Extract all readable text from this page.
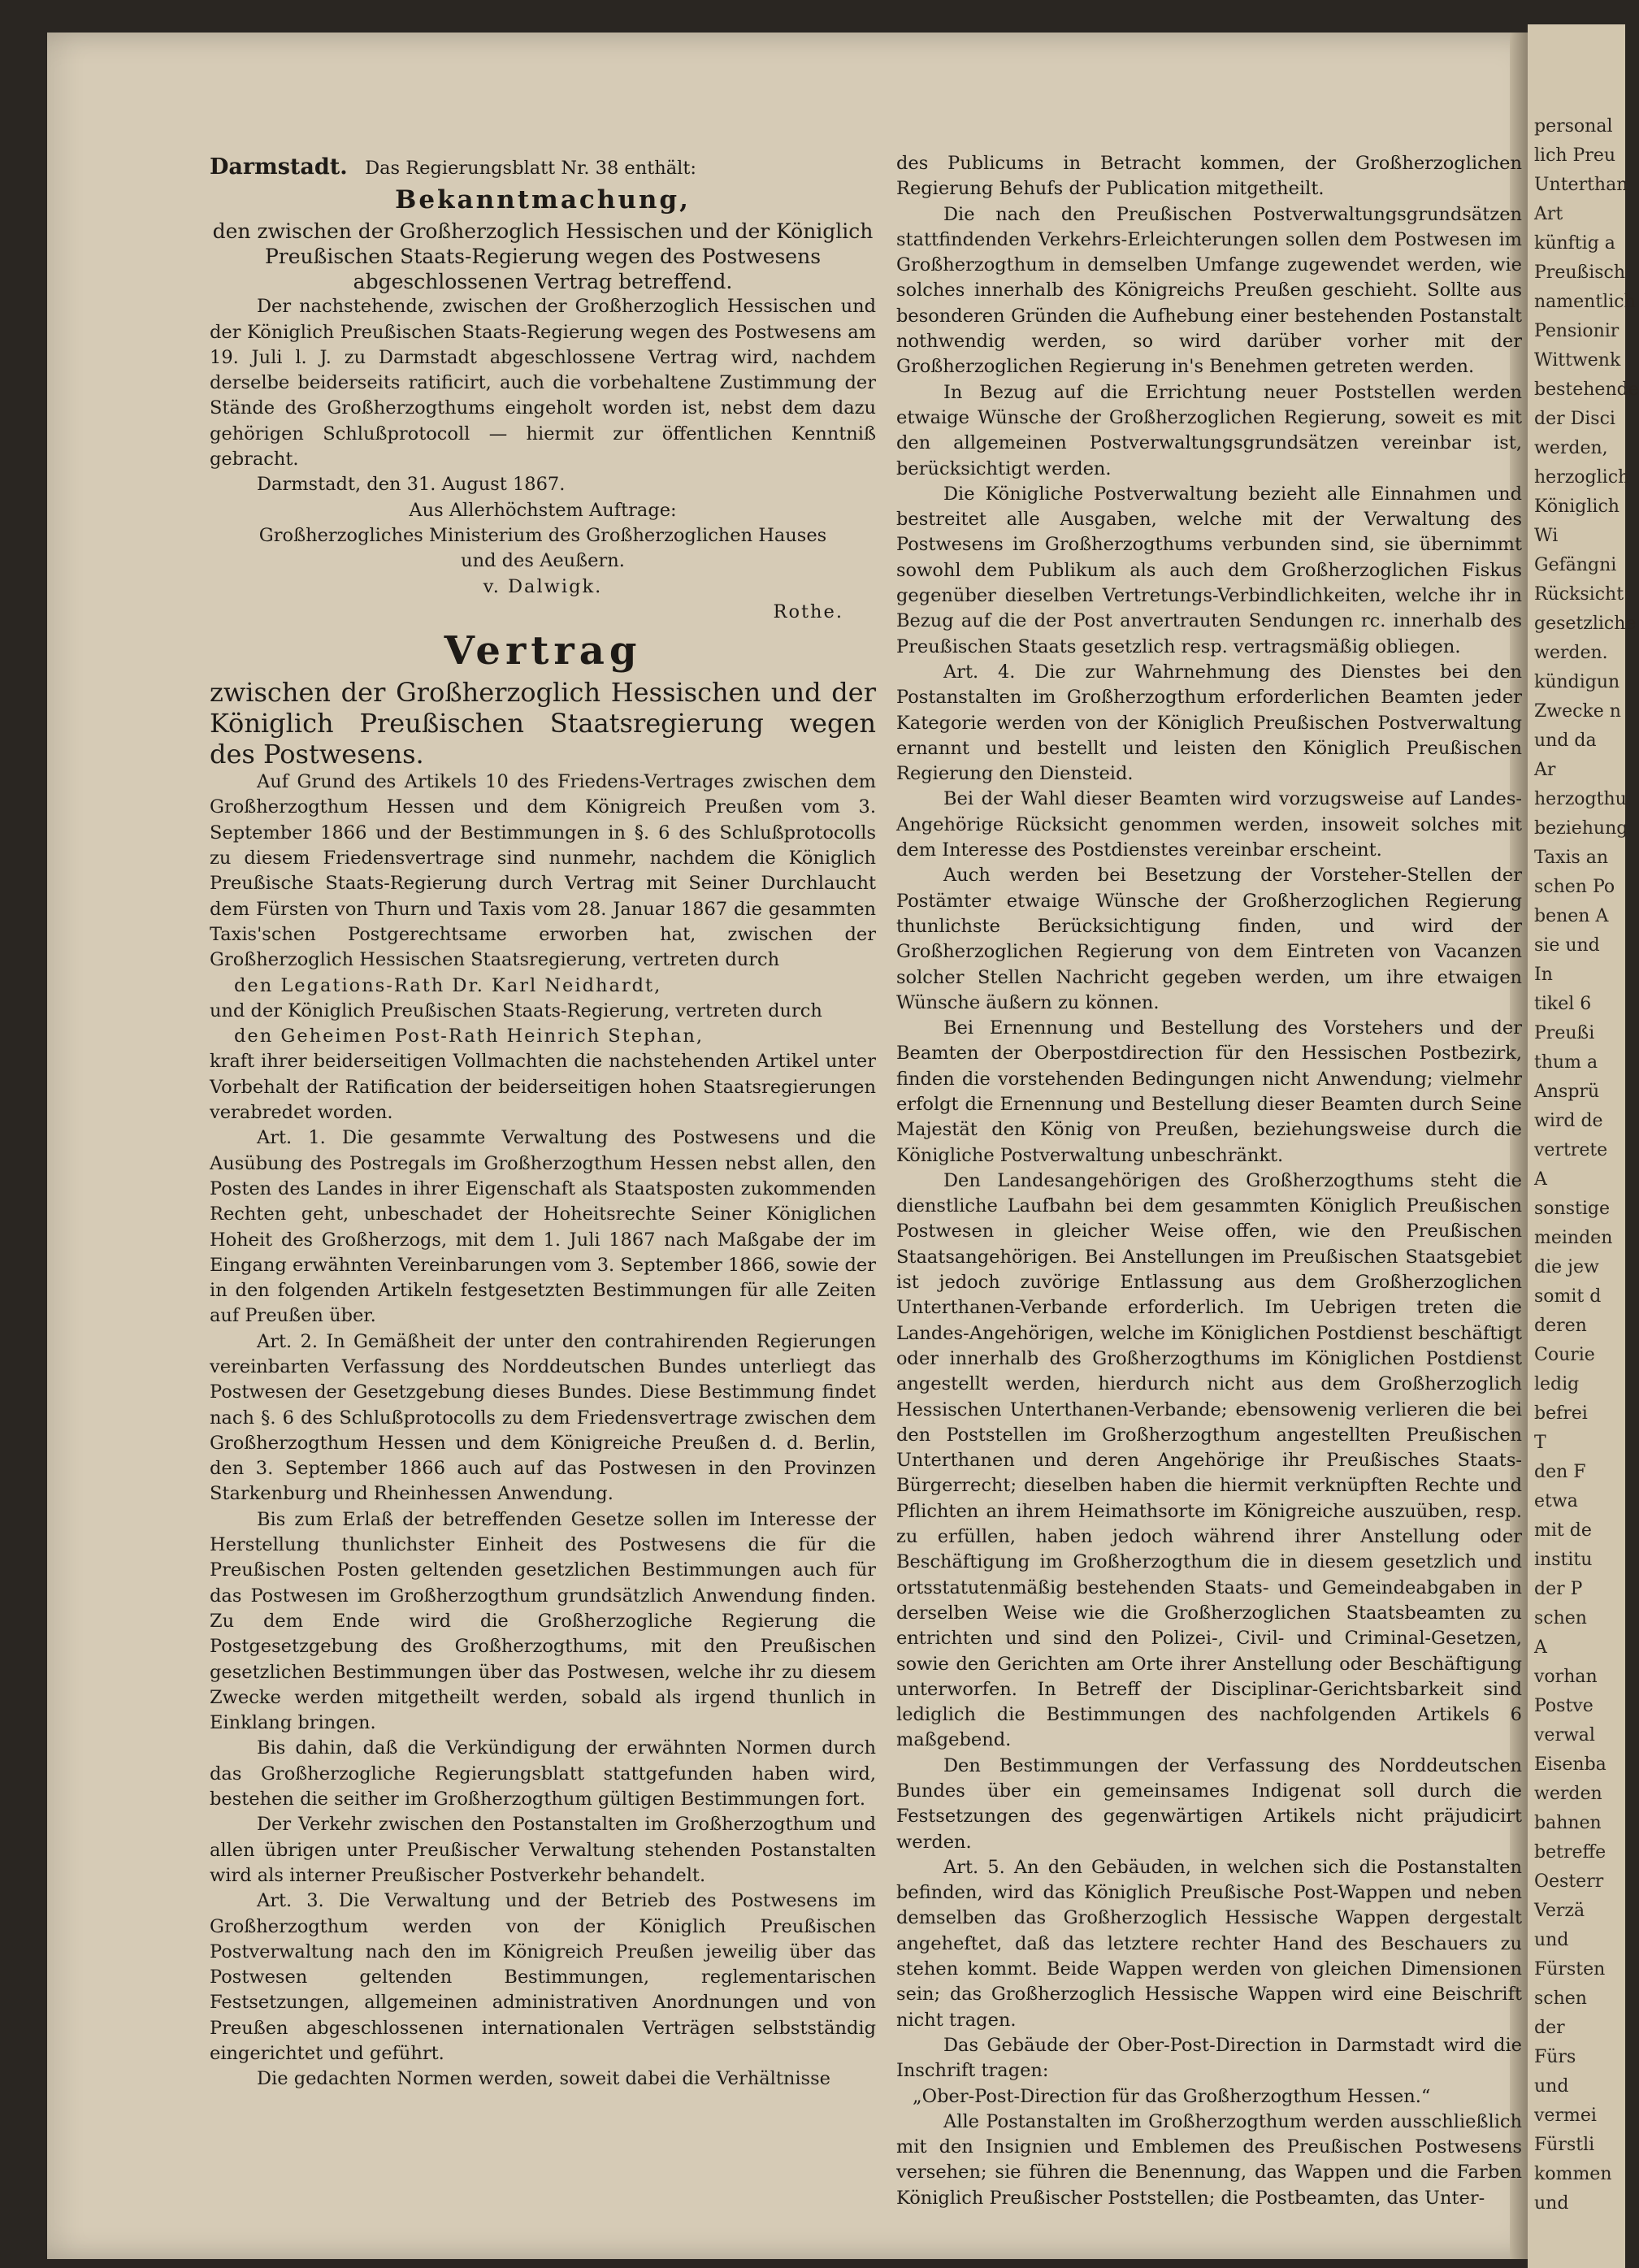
Darmstadt. Das Regierungsblatt Nr. 38 enthält:

Bekanntmachung,

den zwischen der Großherzoglich Hessischen und der Königlich Preußischen Staats-Regierung wegen des Postwesens abgeschlossenen Vertrag betreffend.

Der nachstehende, zwischen der Großherzoglich Hessischen und der Königlich Preußischen Staats-Regierung wegen des Postwesens am 19. Juli l. J. zu Darmstadt abgeschlossene Vertrag wird, nachdem derselbe beiderseits ratificirt, auch die vorbehaltene Zustimmung der Stände des Großherzogthums eingeholt worden ist, nebst dem dazu gehörigen Schlußprotocoll — hiermit zur öffentlichen Kenntniß gebracht.

Darmstadt, den 31. August 1867.

Aus Allerhöchstem Auftrage:

Großherzogliches Ministerium des Großherzoglichen Hauses

und des Aeußern.

v. Dalwigk.

Rothe.

Vertrag

zwischen der Großherzoglich Hessischen und der Königlich Preußischen Staatsregierung wegen des Postwesens.

Auf Grund des Artikels 10 des Friedens-Vertrages zwischen dem Großherzogthum Hessen und dem Königreich Preußen vom 3. September 1866 und der Bestimmungen in §. 6 des Schlußprotocolls zu diesem Friedensvertrage sind nunmehr, nachdem die Königlich Preußische Staats-Regierung durch Vertrag mit Seiner Durchlaucht dem Fürsten von Thurn und Taxis vom 28. Januar 1867 die gesammten Taxis'schen Postgerechtsame erworben hat, zwischen der Großherzoglich Hessischen Staatsregierung, vertreten durch

den Legations-Rath Dr. Karl Neidhardt,

und der Königlich Preußischen Staats-Regierung, vertreten durch

den Geheimen Post-Rath Heinrich Stephan,

kraft ihrer beiderseitigen Vollmachten die nachstehenden Artikel unter Vorbehalt der Ratification der beiderseitigen hohen Staatsregierungen verabredet worden.

Art. 1. Die gesammte Verwaltung des Postwesens und die Ausübung des Postregals im Großherzogthum Hessen nebst allen, den Posten des Landes in ihrer Eigenschaft als Staatsposten zukommenden Rechten geht, unbeschadet der Hoheitsrechte Seiner Königlichen Hoheit des Großherzogs, mit dem 1. Juli 1867 nach Maßgabe der im Eingang erwähnten Vereinbarungen vom 3. September 1866, sowie der in den folgenden Artikeln festgesetzten Bestimmungen für alle Zeiten auf Preußen über.

Art. 2. In Gemäßheit der unter den contrahirenden Regierungen vereinbarten Verfassung des Norddeutschen Bundes unterliegt das Postwesen der Gesetzgebung dieses Bundes. Diese Bestimmung findet nach §. 6 des Schlußprotocolls zu dem Friedensvertrage zwischen dem Großherzogthum Hessen und dem Königreiche Preußen d. d. Berlin, den 3. September 1866 auch auf das Postwesen in den Provinzen Starkenburg und Rheinhessen Anwendung.

Bis zum Erlaß der betreffenden Gesetze sollen im Interesse der Herstellung thunlichster Einheit des Postwesens die für die Preußischen Posten geltenden gesetzlichen Bestimmungen auch für das Postwesen im Großherzogthum grundsätzlich Anwendung finden. Zu dem Ende wird die Großherzogliche Regierung die Postgesetzgebung des Großherzogthums, mit den Preußischen gesetzlichen Bestimmungen über das Postwesen, welche ihr zu diesem Zwecke werden mitgetheilt werden, sobald als irgend thunlich in Einklang bringen.

Bis dahin, daß die Verkündigung der erwähnten Normen durch das Großherzogliche Regierungsblatt stattgefunden haben wird, bestehen die seither im Großherzogthum gültigen Bestimmungen fort.

Der Verkehr zwischen den Postanstalten im Großherzogthum und allen übrigen unter Preußischer Verwaltung stehenden Postanstalten wird als interner Preußischer Postverkehr behandelt.

Art. 3. Die Verwaltung und der Betrieb des Postwesens im Großherzogthum werden von der Königlich Preußischen Postverwaltung nach den im Königreich Preußen jeweilig über das Postwesen geltenden Bestimmungen, reglementarischen Festsetzungen, allgemeinen administrativen Anordnungen und von Preußen abgeschlossenen internationalen Verträgen selbstständig eingerichtet und geführt.

Die gedachten Normen werden, soweit dabei die Verhältnisse

des Publicums in Betracht kommen, der Großherzoglichen Regierung Behufs der Publication mitgetheilt.

Die nach den Preußischen Postverwaltungsgrundsätzen stattfindenden Verkehrs-Erleichterungen sollen dem Postwesen im Großherzogthum in demselben Umfange zugewendet werden, wie solches innerhalb des Königreichs Preußen geschieht. Sollte aus besonderen Gründen die Aufhebung einer bestehenden Postanstalt nothwendig werden, so wird darüber vorher mit der Großherzoglichen Regierung in's Benehmen getreten werden.

In Bezug auf die Errichtung neuer Poststellen werden etwaige Wünsche der Großherzoglichen Regierung, soweit es mit den allgemeinen Postverwaltungsgrundsätzen vereinbar ist, berücksichtigt werden.

Die Königliche Postverwaltung bezieht alle Einnahmen und bestreitet alle Ausgaben, welche mit der Verwaltung des Postwesens im Großherzogthums verbunden sind, sie übernimmt sowohl dem Publikum als auch dem Großherzoglichen Fiskus gegenüber dieselben Vertretungs-Verbindlichkeiten, welche ihr in Bezug auf die der Post anvertrauten Sendungen rc. innerhalb des Preußischen Staats gesetzlich resp. vertragsmäßig obliegen.

Art. 4. Die zur Wahrnehmung des Dienstes bei den Postanstalten im Großherzogthum erforderlichen Beamten jeder Kategorie werden von der Königlich Preußischen Postverwaltung ernannt und bestellt und leisten den Königlich Preußischen Regierung den Diensteid.

Bei der Wahl dieser Beamten wird vorzugsweise auf Landes-Angehörige Rücksicht genommen werden, insoweit solches mit dem Interesse des Postdienstes vereinbar erscheint.

Auch werden bei Besetzung der Vorsteher-Stellen der Postämter etwaige Wünsche der Großherzoglichen Regierung thunlichste Berücksichtigung finden, und wird der Großherzoglichen Regierung von dem Eintreten von Vacanzen solcher Stellen Nachricht gegeben werden, um ihre etwaigen Wünsche äußern zu können.

Bei Ernennung und Bestellung des Vorstehers und der Beamten der Oberpostdirection für den Hessischen Postbezirk, finden die vorstehenden Bedingungen nicht Anwendung; vielmehr erfolgt die Ernennung und Bestellung dieser Beamten durch Seine Majestät den König von Preußen, beziehungsweise durch die Königliche Postverwaltung unbeschränkt.

Den Landesangehörigen des Großherzogthums steht die dienstliche Laufbahn bei dem gesammten Königlich Preußischen Postwesen in gleicher Weise offen, wie den Preußischen Staatsangehörigen. Bei Anstellungen im Preußischen Staatsgebiet ist jedoch zuvörige Entlassung aus dem Großherzoglichen Unterthanen-Verbande erforderlich. Im Uebrigen treten die Landes-Angehörigen, welche im Königlichen Postdienst beschäftigt oder innerhalb des Großherzogthums im Königlichen Postdienst angestellt werden, hierdurch nicht aus dem Großherzoglich Hessischen Unterthanen-Verbande; ebensowenig verlieren die bei den Poststellen im Großherzogthum angestellten Preußischen Unterthanen und deren Angehörige ihr Preußisches Staats-Bürgerrecht; dieselben haben die hiermit verknüpften Rechte und Pflichten an ihrem Heimathsorte im Königreiche auszuüben, resp. zu erfüllen, haben jedoch während ihrer Anstellung oder Beschäftigung im Großherzogthum die in diesem gesetzlich und ortsstatutenmäßig bestehenden Staats- und Gemeindeabgaben in derselben Weise wie die Großherzoglichen Staatsbeamten zu entrichten und sind den Polizei-, Civil- und Criminal-Gesetzen, sowie den Gerichten am Orte ihrer Anstellung oder Beschäftigung unterworfen. In Betreff der Disciplinar-Gerichtsbarkeit sind lediglich die Bestimmungen des nachfolgenden Artikels 6 maßgebend.

Den Bestimmungen der Verfassung des Norddeutschen Bundes über ein gemeinsames Indigenat soll durch die Festsetzungen des gegenwärtigen Artikels nicht präjudicirt werden.

Art. 5. An den Gebäuden, in welchen sich die Postanstalten befinden, wird das Königlich Preußische Post-Wappen und neben demselben das Großherzoglich Hessische Wappen dergestalt angeheftet, daß das letztere rechter Hand des Beschauers zu stehen kommt. Beide Wappen werden von gleichen Dimensionen sein; das Großherzoglich Hessische Wappen wird eine Beischrift nicht tragen.

Das Gebäude der Ober-Post-Direction in Darmstadt wird die Inschrift tragen:

„Ober-Post-Direction für das Großherzogthum Hessen.“

Alle Postanstalten im Großherzogthum werden ausschließlich mit den Insignien und Emblemen des Preußischen Postwesens versehen; sie führen die Benennung, das Wappen und die Farben Königlich Preußischer Poststellen; die Postbeamten, das Unter-

personal
lich Preu
Unterthan
Art
künftig a
Preußisch
namentlich
Pensionir
Wittwenk
bestehende
der Disci
werden,
herzoglich
Königlich
Wi
Gefängni
Rücksicht
gesetzliche
werden.
kündigun
Zwecke n
und da
Ar
herzogthu
beziehung
Taxis an
schen Po
benen A
sie und
In
tikel 6
Preußi
thum a
Ansprü
wird de
vertrete
A
sonstige
meinden
die jew
somit d
deren
Courie
ledig
befrei
T
den F
etwa
mit de
institu
der P
schen
A
vorhan
Postve
verwal
Eisenba
werden
bahnen
betreffe
Oesterr
Verzä
und
Fürsten
schen
der
Fürs
und
vermei
Fürstli
kommen
und
